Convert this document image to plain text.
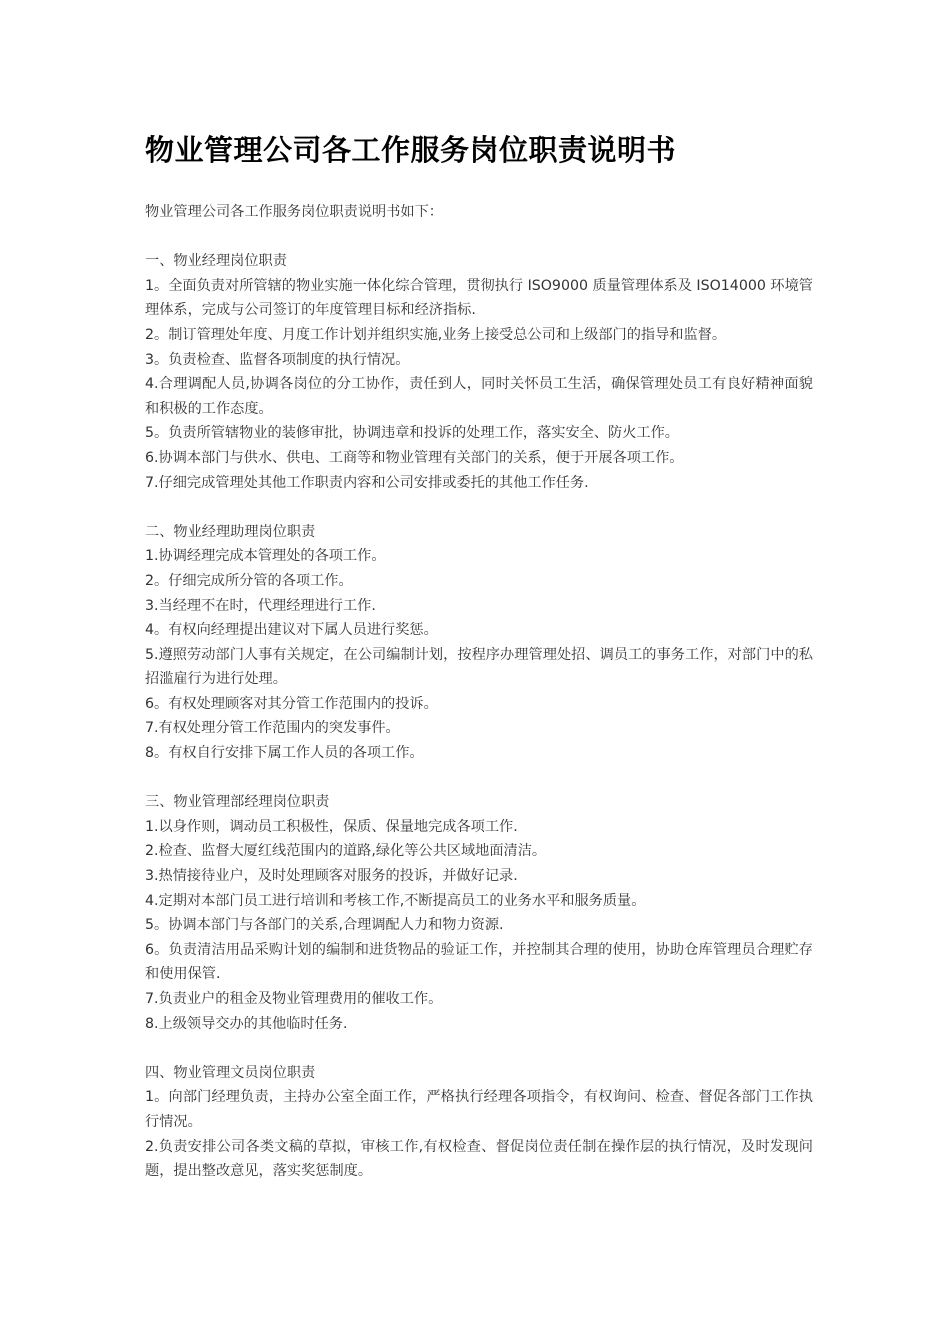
物业管理公司各工作服务岗位职责说明书

物业管理公司各工作服务岗位职责说明书如下：

一、物业经理岗位职责

1。全面负责对所管辖的物业实施一体化综合管理，贯彻执行 ISO9000 质量管理体系及 ISO14000 环境管理体系，完成与公司签订的年度管理目标和经济指标.

2。制订管理处年度、月度工作计划并组织实施,业务上接受总公司和上级部门的指导和监督。

3。负责检查、监督各项制度的执行情况。

4.合理调配人员,协调各岗位的分工协作，责任到人，同时关怀员工生活，确保管理处员工有良好精神面貌和积极的工作态度。

5。负责所管辖物业的装修审批，协调违章和投诉的处理工作，落实安全、防火工作。

6.协调本部门与供水、供电、工商等和物业管理有关部门的关系，便于开展各项工作。

7.仔细完成管理处其他工作职责内容和公司安排或委托的其他工作任务.

二、物业经理助理岗位职责

1.协调经理完成本管理处的各项工作。

2。仔细完成所分管的各项工作。

3.当经理不在时，代理经理进行工作.

4。有权向经理提出建议对下属人员进行奖惩。

5.遵照劳动部门人事有关规定，在公司编制计划，按程序办理管理处招、调员工的事务工作，对部门中的私招滥雇行为进行处理。

6。有权处理顾客对其分管工作范围内的投诉。

7.有权处理分管工作范围内的突发事件。

8。有权自行安排下属工作人员的各项工作。

三、物业管理部经理岗位职责

1.以身作则，调动员工积极性，保质、保量地完成各项工作.

2.检查、监督大厦红线范围内的道路,绿化等公共区域地面清洁。

3.热情接待业户，及时处理顾客对服务的投诉，并做好记录.

4.定期对本部门员工进行培训和考核工作,不断提高员工的业务水平和服务质量。

5。协调本部门与各部门的关系,合理调配人力和物力资源.

6。负责清洁用品采购计划的编制和进货物品的验证工作，并控制其合理的使用，协助仓库管理员合理贮存和使用保管.

7.负责业户的租金及物业管理费用的催收工作。

8.上级领导交办的其他临时任务.

四、物业管理文员岗位职责

1。向部门经理负责，主持办公室全面工作，严格执行经理各项指令，有权询问、检查、督促各部门工作执行情况。

2.负责安排公司各类文稿的草拟，审核工作,有权检查、督促岗位责任制在操作层的执行情况，及时发现问题，提出整改意见，落实奖惩制度。
